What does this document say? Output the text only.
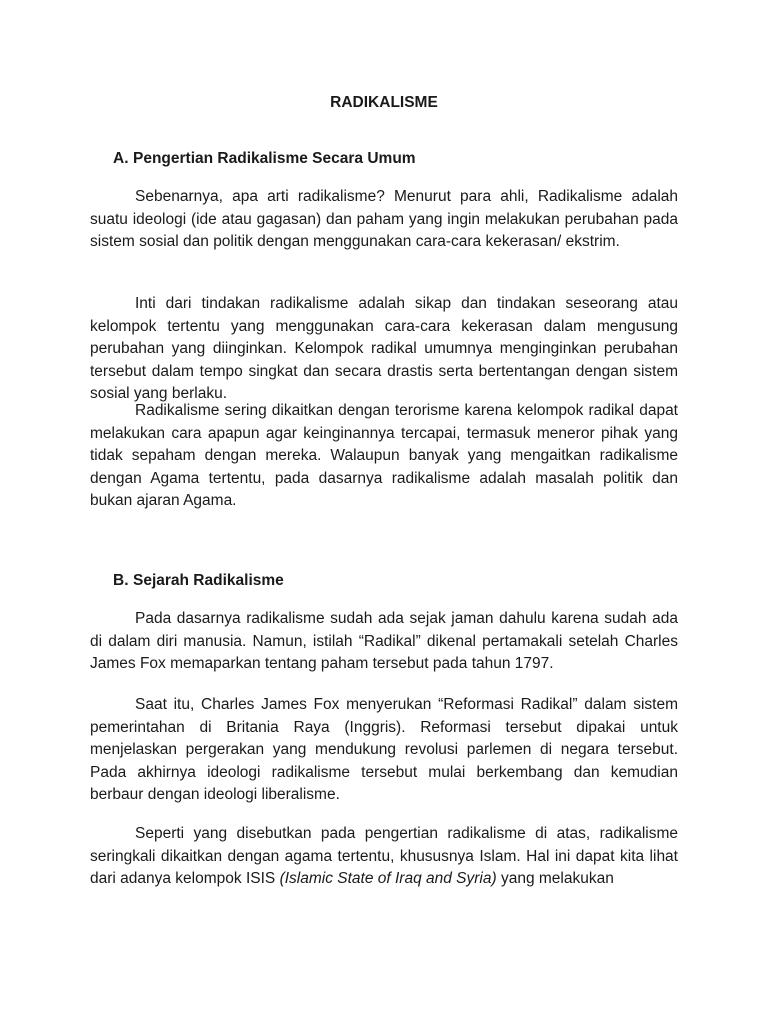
RADIKALISME
A. Pengertian Radikalisme Secara Umum

Sebenarnya, apa arti radikalisme? Menurut para ahli, Radikalisme adalah suatu ideologi (ide atau gagasan) dan paham yang ingin melakukan perubahan pada sistem sosial dan politik dengan menggunakan cara-cara kekerasan/ ekstrim.

Inti dari tindakan radikalisme adalah sikap dan tindakan seseorang atau kelompok tertentu yang menggunakan cara-cara kekerasan dalam mengusung perubahan yang diinginkan. Kelompok radikal umumnya menginginkan perubahan tersebut dalam tempo singkat dan secara drastis serta bertentangan dengan sistem sosial yang berlaku.

Radikalisme sering dikaitkan dengan terorisme karena kelompok radikal dapat melakukan cara apapun agar keinginannya tercapai, termasuk meneror pihak yang tidak sepaham dengan mereka. Walaupun banyak yang mengaitkan radikalisme dengan Agama tertentu, pada dasarnya radikalisme adalah masalah politik dan bukan ajaran Agama.

B. Sejarah Radikalisme

Pada dasarnya radikalisme sudah ada sejak jaman dahulu karena sudah ada di dalam diri manusia. Namun, istilah “Radikal” dikenal pertamakali setelah Charles James Fox memaparkan tentang paham tersebut pada tahun 1797.

Saat itu, Charles James Fox menyerukan “Reformasi Radikal” dalam sistem pemerintahan di Britania Raya (Inggris). Reformasi tersebut dipakai untuk menjelaskan pergerakan yang mendukung revolusi parlemen di negara tersebut. Pada akhirnya ideologi radikalisme tersebut mulai berkembang dan kemudian berbaur dengan ideologi liberalisme.

Seperti yang disebutkan pada pengertian radikalisme di atas, radikalisme seringkali dikaitkan dengan agama tertentu, khususnya Islam. Hal ini dapat kita lihat dari adanya kelompok ISIS (Islamic State of Iraq and Syria) yang melakukan
